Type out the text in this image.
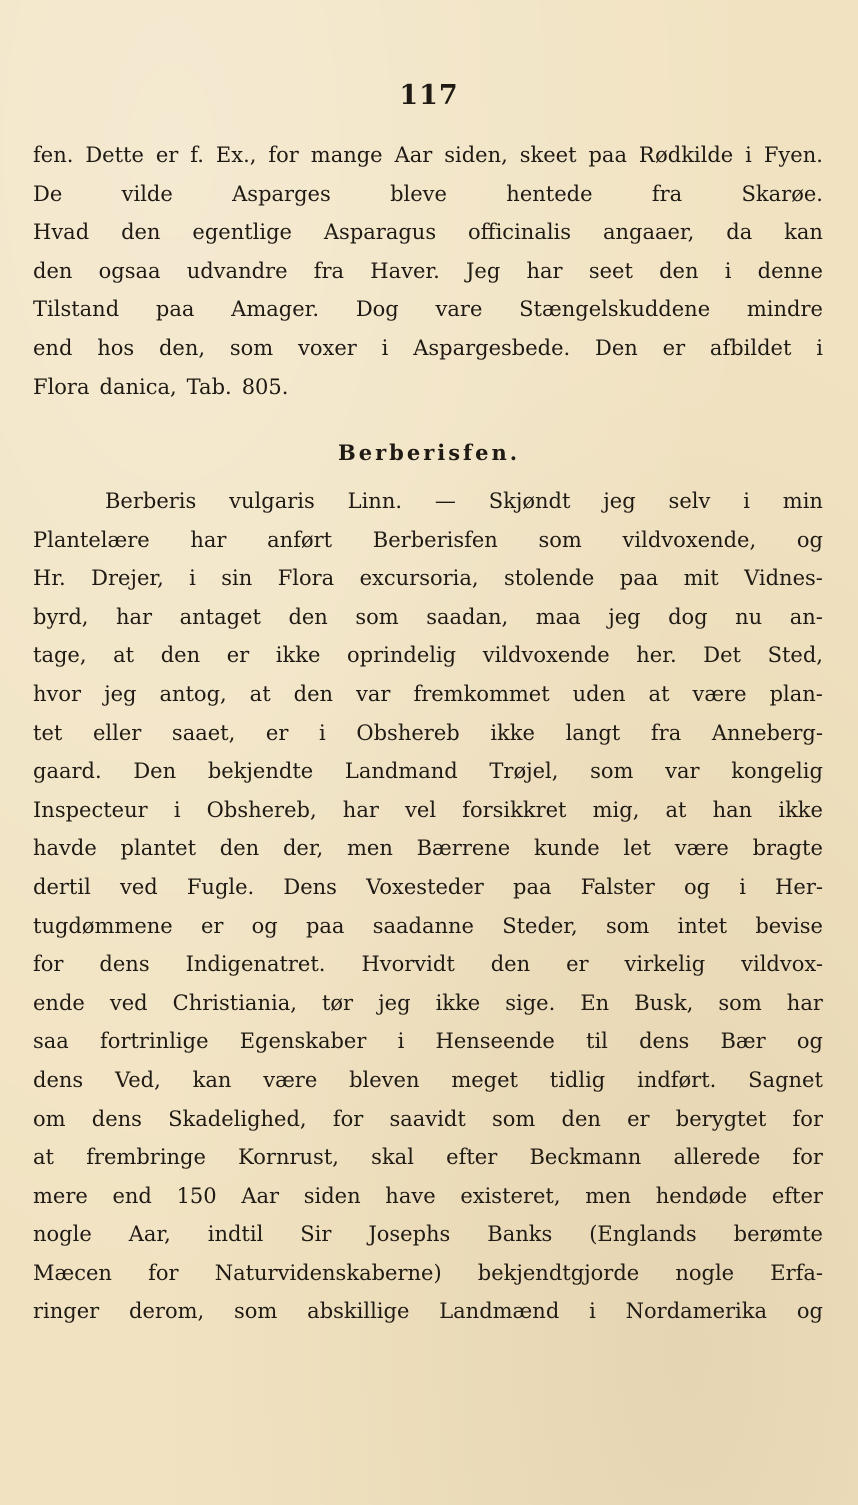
117
fen. Dette er f. Ex., for mange Aar siden, skeet paa Rødkilde i Fyen.
De	vilde	Asparges	bleve	hentede	fra	Skarøe.
Hvad den egentlige Asparagus officinalis angaaer, da kan
den ogsaa udvandre fra Haver. Jeg har seet den i denne
Tilstand paa Amager. Dog vare Stængelskuddene mindre
end hos den, som voxer i Aspargesbede. Den er afbildet i
Flora danica, Tab. 805.
Berberisfen.
Berberis vulgaris Linn. — Skjøndt jeg selv i min
Plantelære har anført Berberisfen som vildvoxende, og
Hr. Drejer, i sin Flora excursoria, stolende paa mit Vidnes-
byrd, har antaget den som saadan, maa jeg dog nu an-
tage, at den er ikke oprindelig vildvoxende her. Det Sted,
hvor jeg antog, at den var fremkommet uden at være plan-
tet eller saaet, er i Obshereb ikke langt fra Anneberg-
gaard. Den bekjendte Landmand Trøjel, som var kongelig
Inspecteur i Obshereb, har vel forsikkret mig, at han ikke
havde plantet den der, men Bærrene kunde let være bragte
dertil ved Fugle. Dens Voxesteder paa Falster og i Her-
tugdømmene er og paa saadanne Steder, som intet bevise
for dens Indigenatret. Hvorvidt den er virkelig vildvox-
ende ved Christiania, tør jeg ikke sige. En Busk, som har
saa fortrinlige Egenskaber i Henseende til dens Bær og
dens Ved, kan være bleven meget tidlig indført. Sagnet
om dens Skadelighed, for saavidt som den er berygtet for
at frembringe Kornrust, skal efter Beckmann allerede for
mere end 150 Aar siden have existeret, men hendøde efter
nogle Aar, indtil Sir Josephs Banks (Englands berømte
Mæcen for Naturvidenskaberne) bekjendtgjorde nogle Erfa-
ringer derom, som abskillige Landmænd i Nordamerika og
